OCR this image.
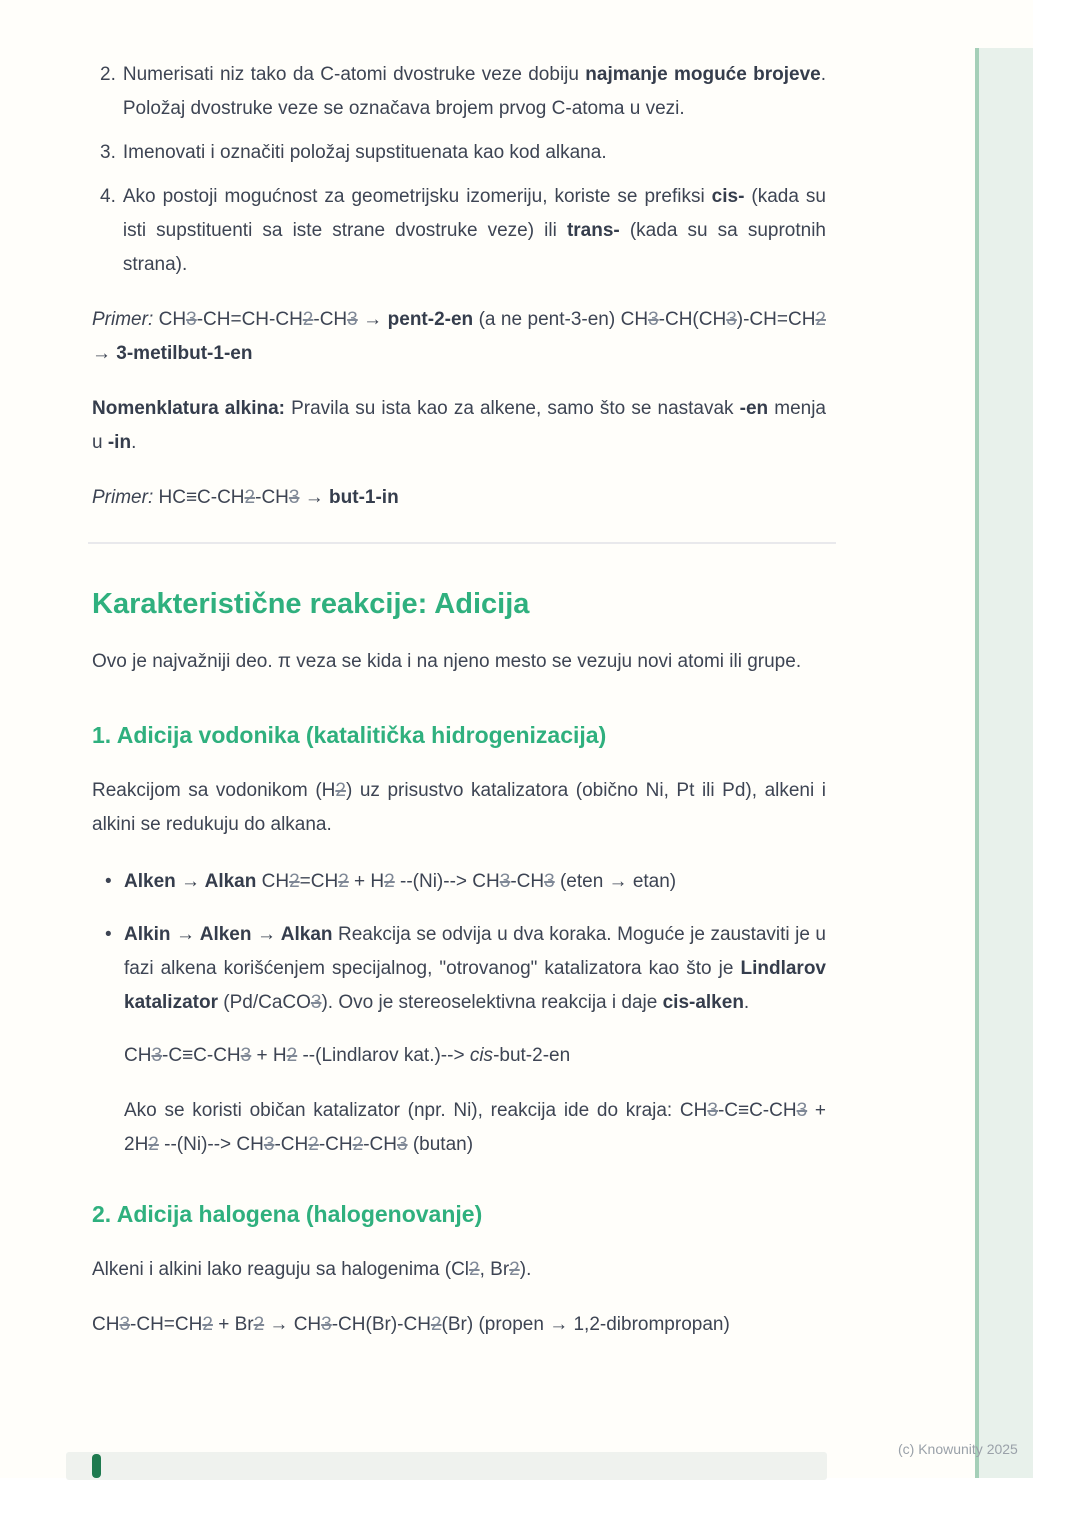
2. Numerisati niz tako da C-atomi dvostruke veze dobiju najmanje moguće brojeve. Položaj dvostruke veze se označava brojem prvog C-atoma u vezi.
3. Imenovati i označiti položaj supstituenata kao kod alkana.
4. Ako postoji mogućnost za geometrijsku izomeriju, koriste se prefiksi cis- (kada su isti supstituenti sa iste strane dvostruke veze) ili trans- (kada su sa suprotnih strana).

Primer: CH3-CH=CH-CH2-CH3 → pent-2-en (a ne pent-3-en) CH3-CH(CH3)-CH=CH2 → 3-metilbut-1-en

Nomenklatura alkina: Pravila su ista kao za alkene, samo što se nastavak -en menja u -in.

Primer: HC≡C-CH2-CH3 → but-1-in

Karakteristične reakcije: Adicija

Ovo je najvažniji deo. π veza se kida i na njeno mesto se vezuju novi atomi ili grupe.

1. Adicija vodonika (katalitička hidrogenizacija)

Reakcijom sa vodonikom (H2) uz prisustvo katalizatora (obično Ni, Pt ili Pd), alkeni i alkini se redukuju do alkana.

• Alken → Alkan CH2=CH2 + H2 --(Ni)--> CH3-CH3 (eten → etan)
• Alkin → Alken → Alkan Reakcija se odvija u dva koraka. Moguće je zaustaviti je u fazi alkena korišćenjem specijalnog, "otrovanog" katalizatora kao što je Lindlarov katalizator (Pd/CaCO3). Ovo je stereoselektivna reakcija i daje cis-alken.

CH3-C≡C-CH3 + H2 --(Lindlarov kat.)--> cis-but-2-en

Ako se koristi običan katalizator (npr. Ni), reakcija ide do kraja: CH3-C≡C-CH3 + 2H2 --(Ni)--> CH3-CH2-CH2-CH3 (butan)

2. Adicija halogena (halogenovanje)

Alkeni i alkini lako reaguju sa halogenima (Cl2, Br2).

CH3-CH=CH2 + Br2 → CH3-CH(Br)-CH2(Br) (propen → 1,2-dibrompropan)

(c) Knowunity 2025
